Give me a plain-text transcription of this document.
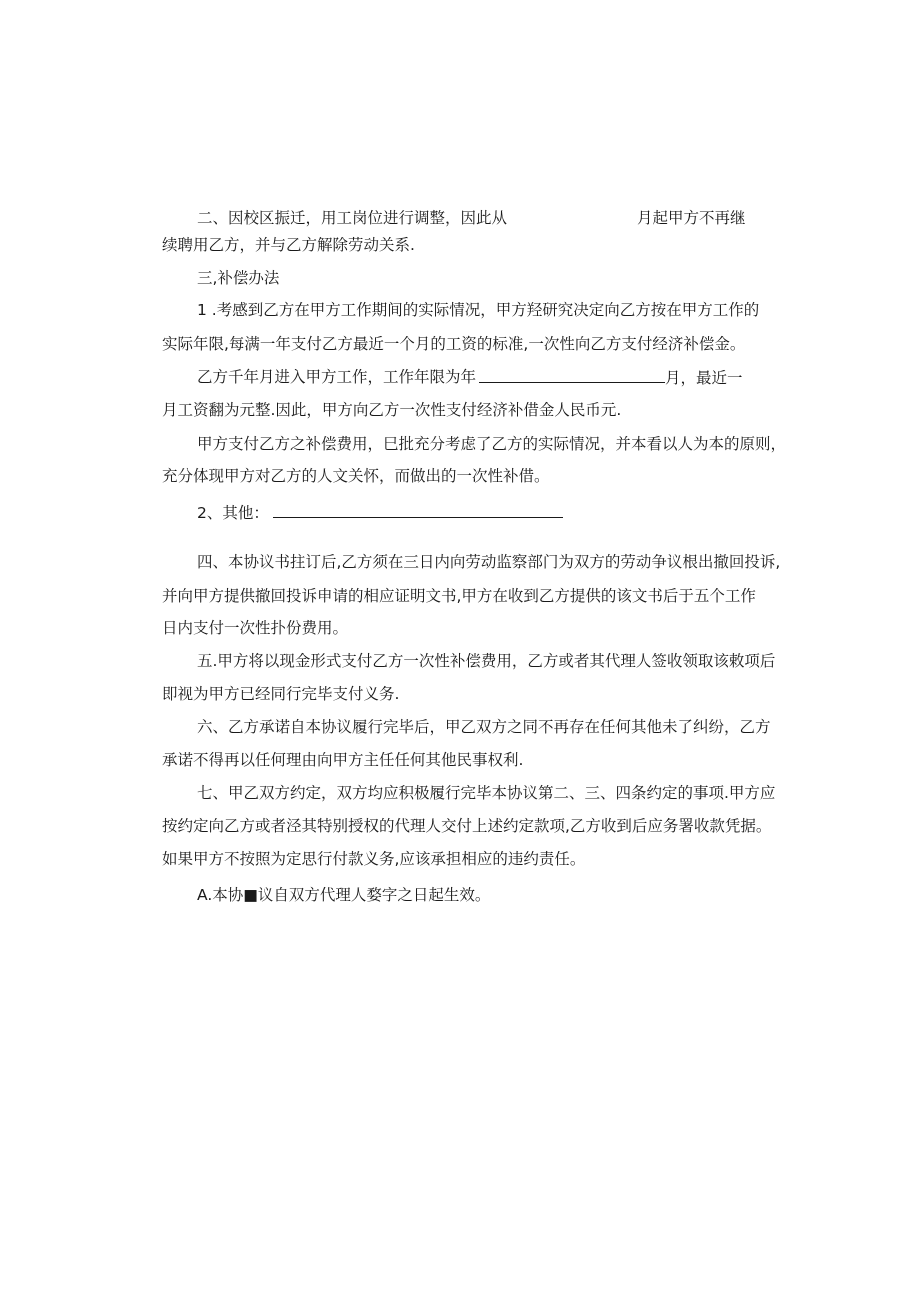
二、因校区振迁，用工岗位进行调整，因此从	月起甲方不再继
续聘用乙方，并与乙方解除劳动关系.
三,补偿办法
1 .考感到乙方在甲方工作期间的实际情况，甲方羟研究决定向乙方按在甲方工作的
实际年限,每满一年支付乙方最近一个月的工资的标准,一次性向乙方支付经济补偿金。
乙方千年月进入甲方工作，工作年限为年	月，最近一
月工资翻为元整.因此，甲方向乙方一次性支付经济补借金人民币元.
甲方支付乙方之补偿费用，巳批充分考虑了乙方的实际情况，并本看以人为本的原则，
充分体现甲方对乙方的人文关怀，而做出的一次性补借。
2、其他：
四、本协议书拄订后,乙方须在三日内向劳动监察部门为双方的劳动争议根出撤回投诉,
并向甲方提供撤回投诉申请的相应证明文书,甲方在收到乙方提供的该文书后于五个工作
日内支付一次性扑份费用。
五.甲方将以现金形式支付乙方一次性补偿费用，乙方或者其代理人签收领取该敕项后
即视为甲方已经同行完毕支付义务.
六、乙方承诺自本协议履行完毕后，甲乙双方之同不再存在任何其他未了纠纷，乙方
承诺不得再以任何理由向甲方主任任何其他民事权利.
七、甲乙双方约定，双方均应积极履行完毕本协议第二、三、四条约定的事项.甲方应
按约定向乙方或者泾其特别授权的代理人交付上述约定款项,乙方收到后应务署收款凭据。
如果甲方不按照为定思行付款义务,应该承担相应的违约责任。
A.本协■议自双方代理人婺字之日起生效。
